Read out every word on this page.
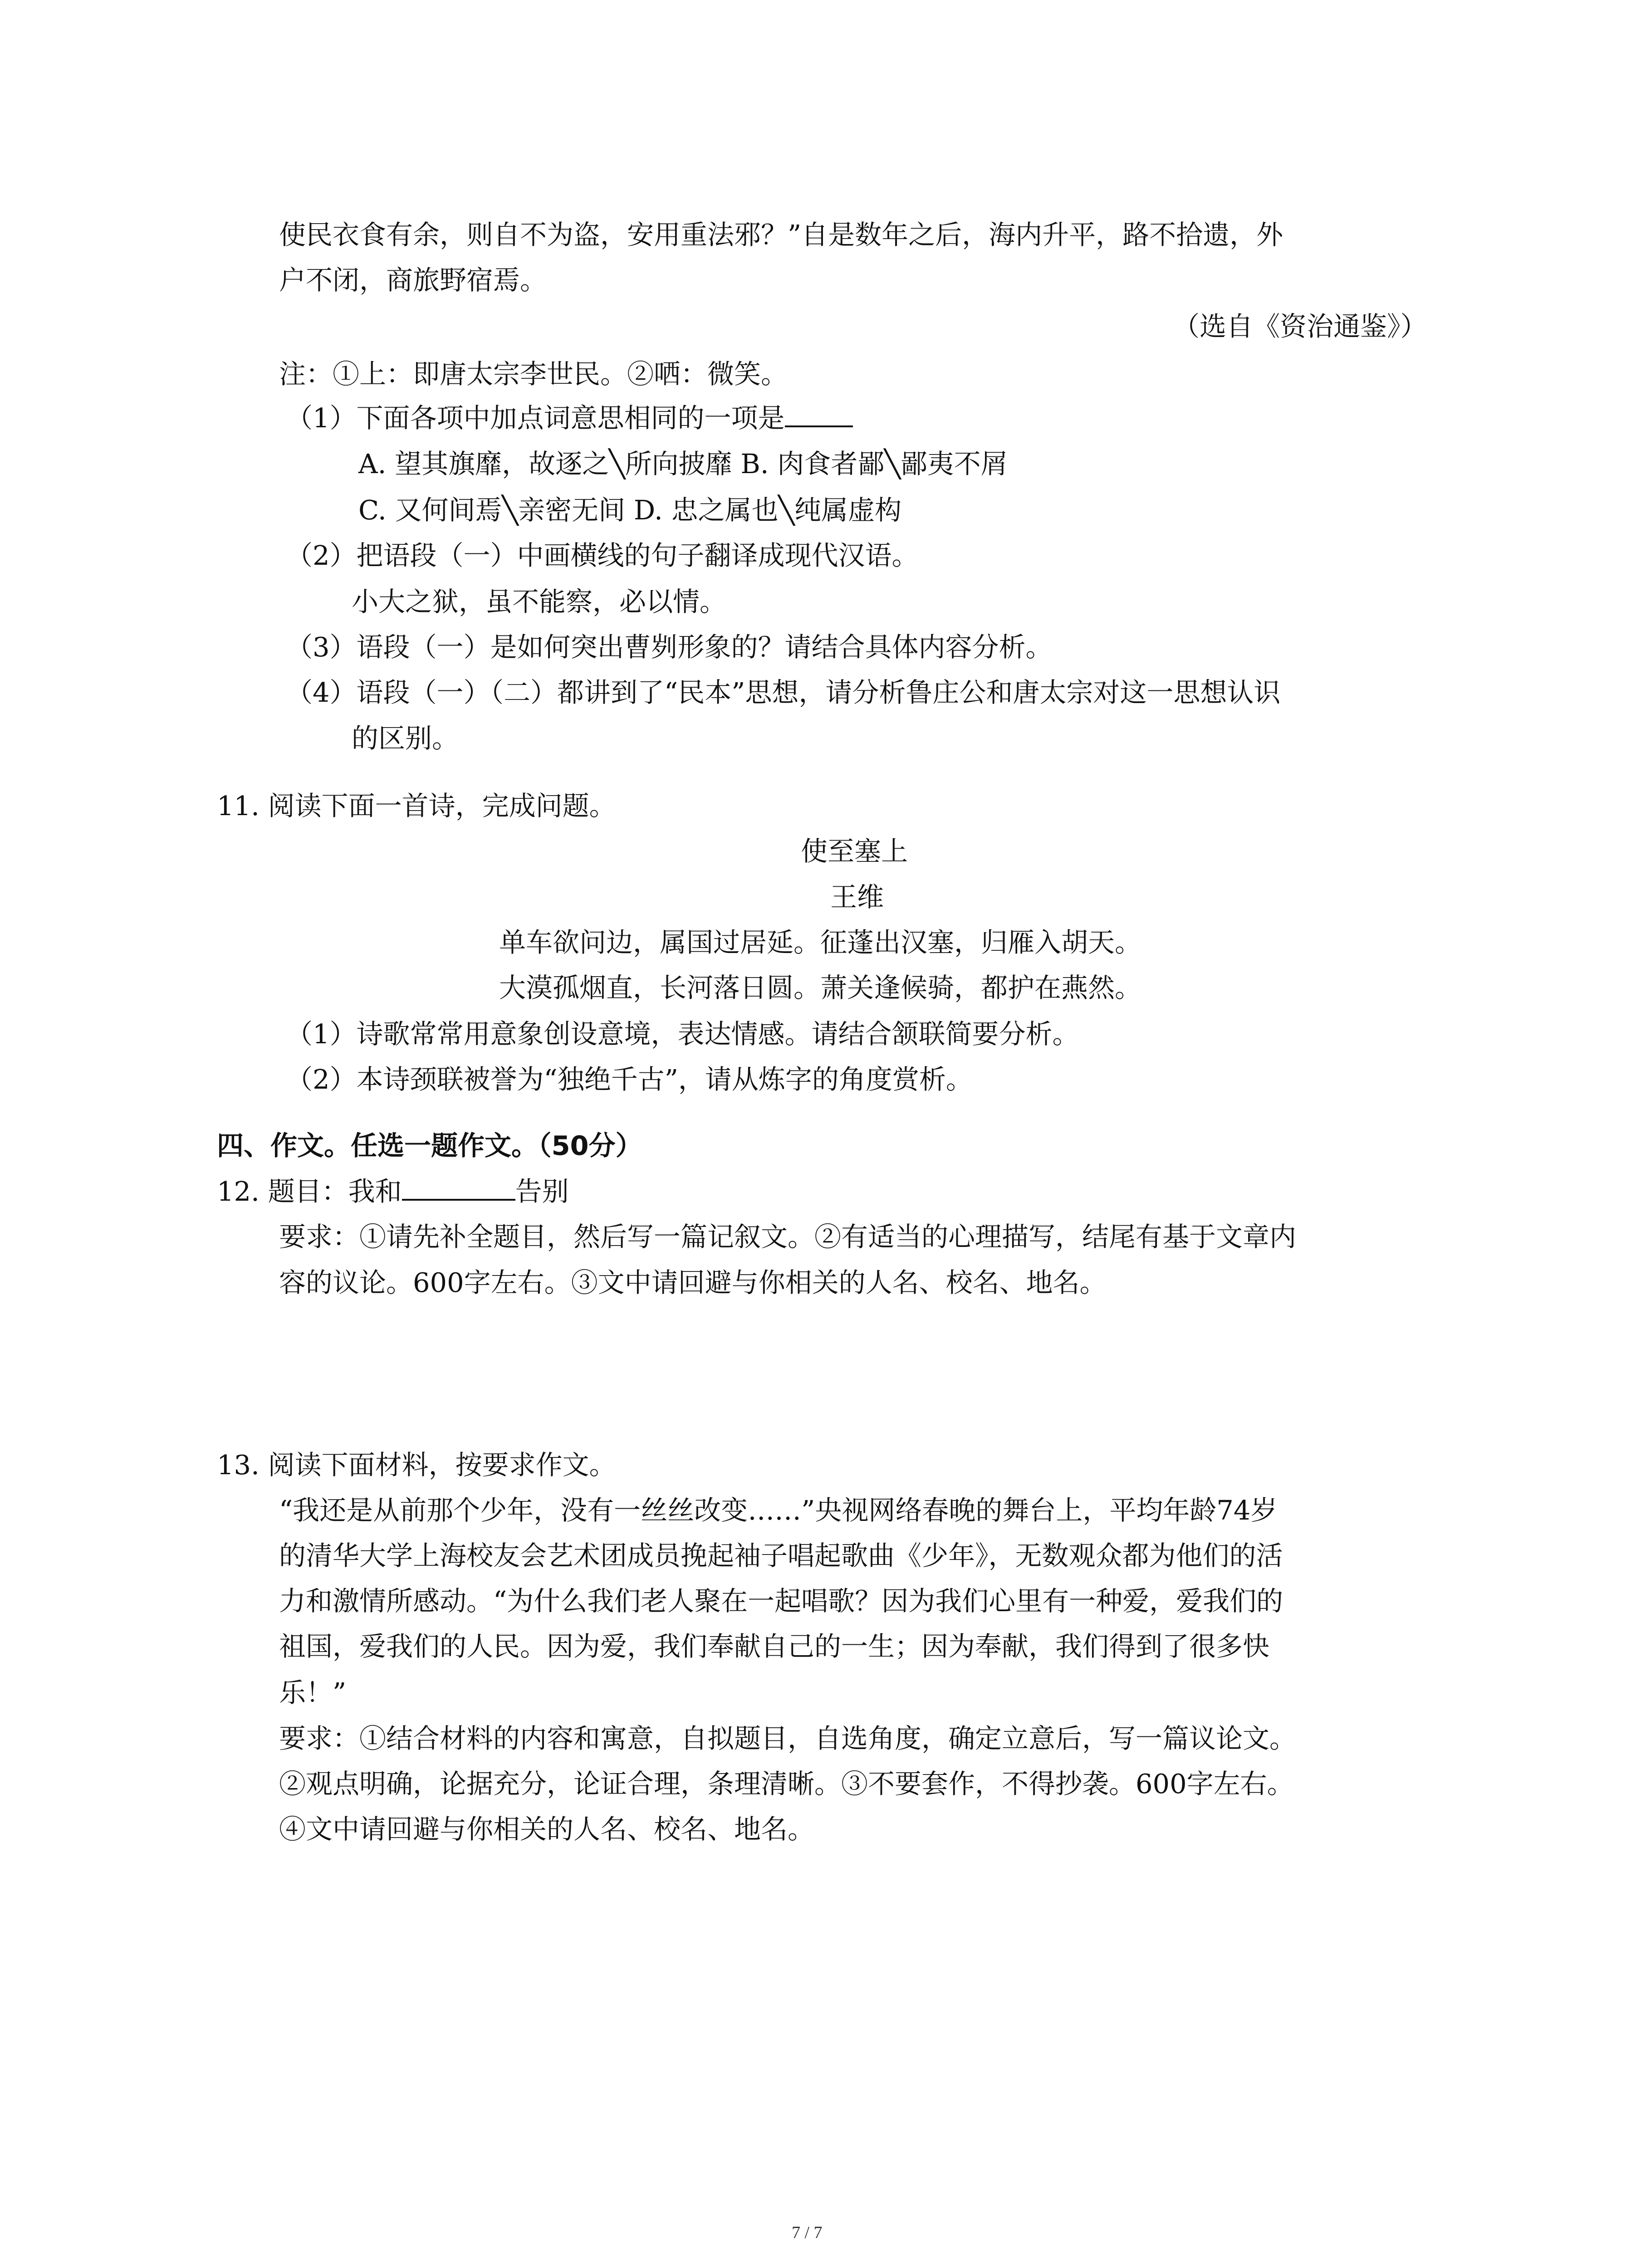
使民衣食有余，则自不为盗，安用重法邪？”自是数年之后，海内升平，路不拾遗，外
户不闭，商旅野宿焉。
（选自《资治通鉴》）
注：①上：即唐太宗李世民。②哂：微笑。
（1）下面各项中加点词意思相同的一项是
A. 望其旗靡，故逐之╲所向披靡 B. 肉食者鄙╲鄙夷不屑
C. 又何间焉╲亲密无间 D. 忠之属也╲纯属虚构
（2）把语段（一）中画横线的句子翻译成现代汉语。
小大之狱，虽不能察，必以情。
（3）语段（一）是如何突出曹刿形象的？请结合具体内容分析。
（4）语段（一）（二）都讲到了“民本”思想，请分析鲁庄公和唐太宗对这一思想认识
的区别。
11. 阅读下面一首诗，完成问题。
使至塞上
王维
单车欲问边，属国过居延。征蓬出汉塞，归雁入胡天。
大漠孤烟直，长河落日圆。萧关逢候骑，都护在燕然。
（1）诗歌常常用意象创设意境，表达情感。请结合颔联简要分析。
（2）本诗颈联被誉为“独绝千古”，请从炼字的角度赏析。
四、作文。任选一题作文。（50分）
12. 题目：我和	告别
要求：①请先补全题目，然后写一篇记叙文。②有适当的心理描写，结尾有基于文章内
容的议论。600字左右。③文中请回避与你相关的人名、校名、地名。
13. 阅读下面材料，按要求作文。
“我还是从前那个少年，没有一丝丝改变……”央视网络春晚的舞台上，平均年龄74岁
的清华大学上海校友会艺术团成员挽起袖子唱起歌曲《少年》，无数观众都为他们的活
力和激情所感动。“为什么我们老人聚在一起唱歌？因为我们心里有一种爱，爱我们的
祖国，爱我们的人民。因为爱，我们奉献自己的一生；因为奉献，我们得到了很多快
乐！”
要求：①结合材料的内容和寓意，自拟题目，自选角度，确定立意后，写一篇议论文。
②观点明确，论据充分，论证合理，条理清晰。③不要套作，不得抄袭。600字左右。
④文中请回避与你相关的人名、校名、地名。
7 / 7
